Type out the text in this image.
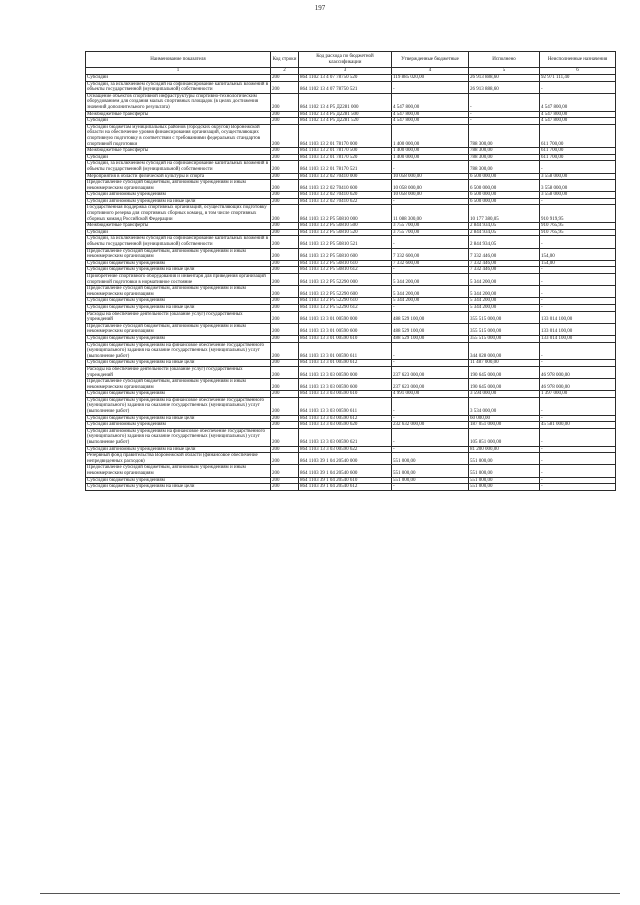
197
Наименование показателя	Код строки	Код расхода по бюджетной классификации	Утвержденные бюджетные	Исполнено	Неисполненные назначения
1	2	3	4	5	6
Субсидии	200	864 1102 13 4 07 78750 520	119 885 020,00	26 913 888,60	92 971 111,40
Субсидии, за исключением субсидий на софинансирование капитальных вложений в объекты государственной (муниципальной) собственности	200	864 1102 13 4 07 78750 521	-	26 913 888,60	-
Оснащение объектов спортивной инфраструктуры спортивно-технологическим оборудованием для создания малых спортивных площадок (в целях достижения значений дополнительного результата)	200	864 1102 13 4 P5 Д2281 000	4 547 800,00	-	4 547 800,00
Межбюджетные трансферты	200	864 1102 13 4 P5 Д2281 500	4 547 800,00	-	4 547 800,00
Субсидии	200	864 1102 13 4 P5 Д2281 520	4 547 800,00	-	4 547 800,00
Субсидии бюджетам муниципальных районов (городских округов) Воронежской области на обеспечение уровня финансирования организаций, осуществляющих спортивную подготовку в соответствии с требованиями федеральных стандартов спортивной подготовки	200	864 1103 13 2 01 78170 000	1 400 000,00	788 300,00	611 700,00
Межбюджетные трансферты	200	864 1103 13 2 01 78170 500	1 400 000,00	788 300,00	611 700,00
Субсидии	200	864 1103 13 2 01 78170 520	1 400 000,00	788 300,00	611 700,00
Субсидии, за исключением субсидий на софинансирование капитальных вложений в объекты государственной (муниципальной) собственности	200	864 1103 13 2 01 78170 521	-	788 300,00	-
Мероприятия в области физической культуры и спорта	200	864 1103 13 2 02 70410 000	10 058 000,00	6 500 000,00	3 558 000,00
Предоставление субсидий бюджетным, автономным учреждениям и иным некоммерческим организациям	200	864 1103 13 2 02 70410 600	10 058 000,00	6 500 000,00	3 558 000,00
Субсидии автономным учреждениям	200	864 1103 13 2 02 70410 620	10 058 000,00	6 500 000,00	3 558 000,00
Субсидии автономным учреждениям на иные цели	200	864 1103 13 2 02 70410 622	-	6 500 000,00	-
Государственная поддержка спортивных организаций, осуществляющих подготовку спортивного резерва для спортивных сборных команд, в том числе спортивных сборных команд Российской Федерации	200	864 1103 13 2 P5 50810 000	11 088 300,00	10 177 380,05	910 919,95
Межбюджетные трансферты	200	864 1103 13 2 P5 50810 500	3 755 700,00	2 844 934,05	910 765,95
Субсидии	200	864 1103 13 2 P5 50810 520	3 755 700,00	2 844 934,05	910 765,95
Субсидии, за исключением субсидий на софинансирование капитальных вложений в объекты государственной (муниципальной) собственности	200	864 1103 13 2 P5 50810 521	-	2 844 934,05	-
Предоставление субсидий бюджетным, автономным учреждениям и иным некоммерческим организациям	200	864 1103 13 2 P5 50810 600	7 332 600,00	7 332 446,00	154,00
Субсидии бюджетным учреждениям	200	864 1103 13 2 P5 50810 610	7 332 600,00	7 332 446,00	154,00
Субсидии бюджетным учреждениям на иные цели	200	864 1103 13 2 P5 50810 612	-	7 332 446,00	-
Приобретение спортивного оборудования и инвентаря для приведения организаций спортивной подготовки в нормативное состояние	200	864 1103 13 2 P5 52290 000	5 344 200,00	5 344 200,00	-
Предоставление субсидий бюджетным, автономным учреждениям и иным некоммерческим организациям	200	864 1103 13 2 P5 52290 600	5 344 200,00	5 344 200,00	-
Субсидии бюджетным учреждениям	200	864 1103 13 2 P5 52290 610	5 344 200,00	5 344 200,00	-
Субсидии бюджетным учреждениям на иные цели	200	864 1103 13 2 P5 52290 612	-	5 344 200,00	-
Расходы на обеспечение деятельности (оказание услуг) государственных учреждений	200	864 1103 13 3 01 00590 000	488 529 100,00	355 515 000,00	133 014 100,00
Предоставление субсидий бюджетным, автономным учреждениям и иным некоммерческим организациям	200	864 1103 13 3 01 00590 600	488 529 100,00	355 515 000,00	133 014 100,00
Субсидии бюджетным учреждениям	200	864 1103 13 3 01 00590 610	488 529 100,00	355 515 000,00	133 014 100,00
Субсидии бюджетным учреждениям на финансовое обеспечение государственного (муниципального) задания на оказание государственных (муниципальных) услуг (выполнение работ)	200	864 1103 13 3 01 00590 611	-	344 028 000,00	-
Субсидии бюджетным учреждениям на иные цели	200	864 1103 13 3 01 00590 612	-	11 487 000,00	-
Расходы на обеспечение деятельности (оказание услуг) государственных учреждений	200	864 1103 13 3 03 00590 000	237 623 000,00	190 645 000,00	46 978 000,00
Предоставление субсидий бюджетным, автономным учреждениям и иным некоммерческим организациям	200	864 1103 13 3 03 00590 600	237 623 000,00	190 645 000,00	46 978 000,00
Субсидии бюджетным учреждениям	200	864 1103 13 3 03 00590 610	4 991 000,00	3 594 000,00	1 397 000,00
Субсидии бюджетным учреждениям на финансовое обеспечение государственного (муниципального) задания на оказание государственных (муниципальных) услуг (выполнение работ)	200	864 1103 13 3 03 00590 611	-	3 534 000,00	-
Субсидии бюджетным учреждениям на иные цели	200	864 1103 13 3 03 00590 612	-	60 000,00	-
Субсидии автономным учреждениям	200	864 1103 13 3 03 00590 620	232 632 000,00	187 051 000,00	45 581 000,00
Субсидии автономным учреждениям на финансовое обеспечение государственного (муниципального) задания на оказание государственных (муниципальных) услуг (выполнение работ)	200	864 1103 13 3 03 00590 621	-	105 851 000,00	-
Субсидии автономным учреждениям на иные цели	200	864 1103 13 3 03 00590 622	-	81 200 000,00	-
Резервный фонд правительства Воронежской области (финансовое обеспечение непредвиденных расходов)	200	864 1103 39 1 04 20540 000	551 000,00	551 000,00	-
Предоставление субсидий бюджетным, автономным учреждениям и иным некоммерческим организациям	200	864 1103 39 1 04 20540 600	551 000,00	551 000,00	-
Субсидии бюджетным учреждениям	200	864 1103 39 1 04 20540 610	551 000,00	551 000,00	-
Субсидии бюджетным учреждениям на иные цели	200	864 1103 39 1 04 20540 612	-	551 000,00	-
